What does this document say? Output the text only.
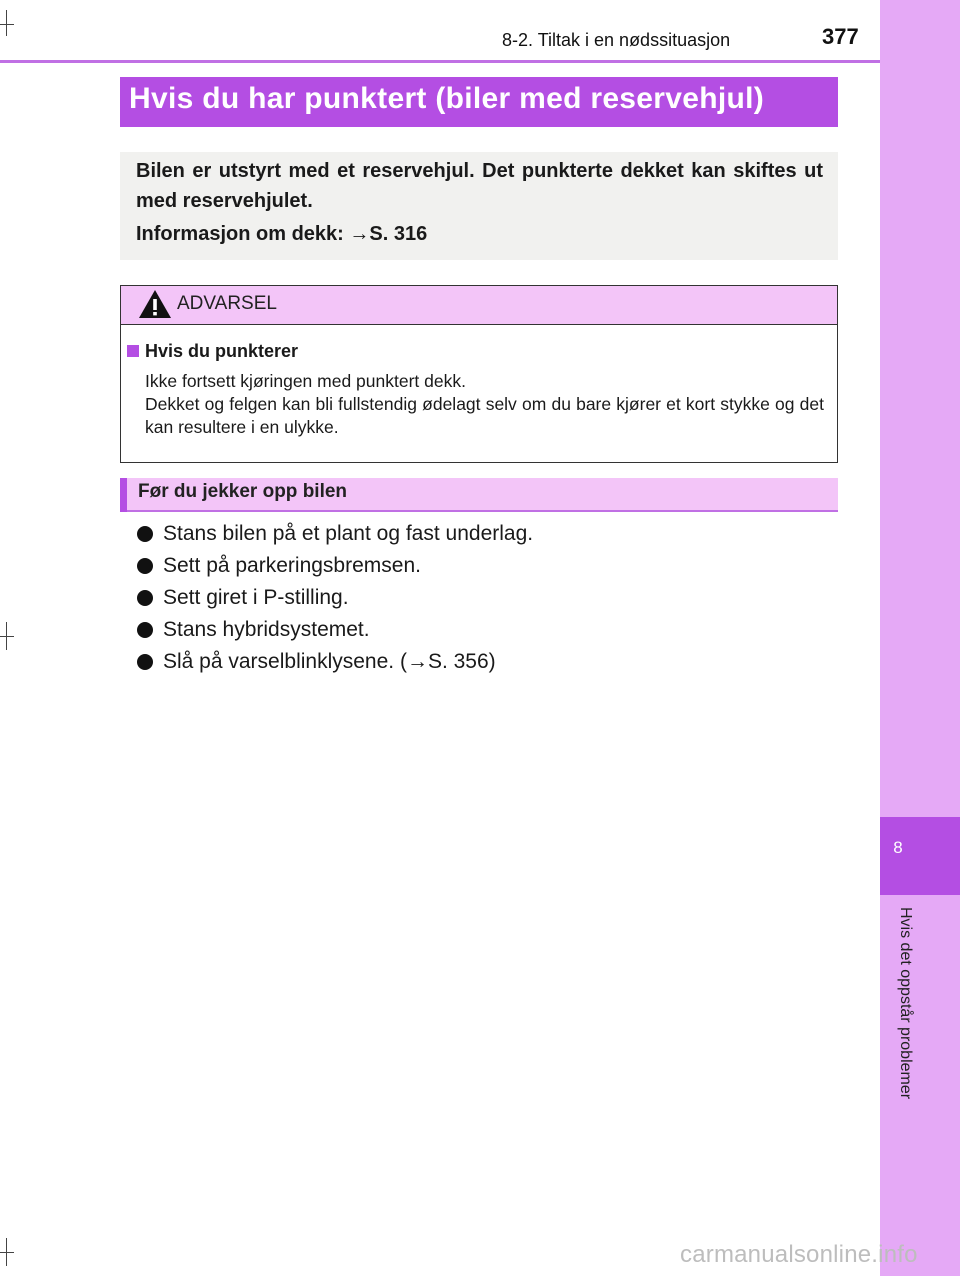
8
Hvis det oppstår problemer
8-2. Tiltak i en nødssituasjon	377
Hvis du har punktert (biler med reservehjul)
Bilen er utstyrt med et reservehjul. Det punkterte dekket kan skiftes ut med reservehjulet.
Informasjon om dekk: →S. 316
ADVARSEL
Hvis du punkterer
Ikke fortsett kjøringen med punktert dekk.
Dekket og felgen kan bli fullstendig ødelagt selv om du bare kjører et kort stykke og det kan resultere i en ulykke.
Før du jekker opp bilen
Stans bilen på et plant og fast underlag.
Sett på parkeringsbremsen.
Sett giret i P-stilling.
Stans hybridsystemet.
Slå på varselblinklysene. (→S. 356)
carmanualsonline.info
